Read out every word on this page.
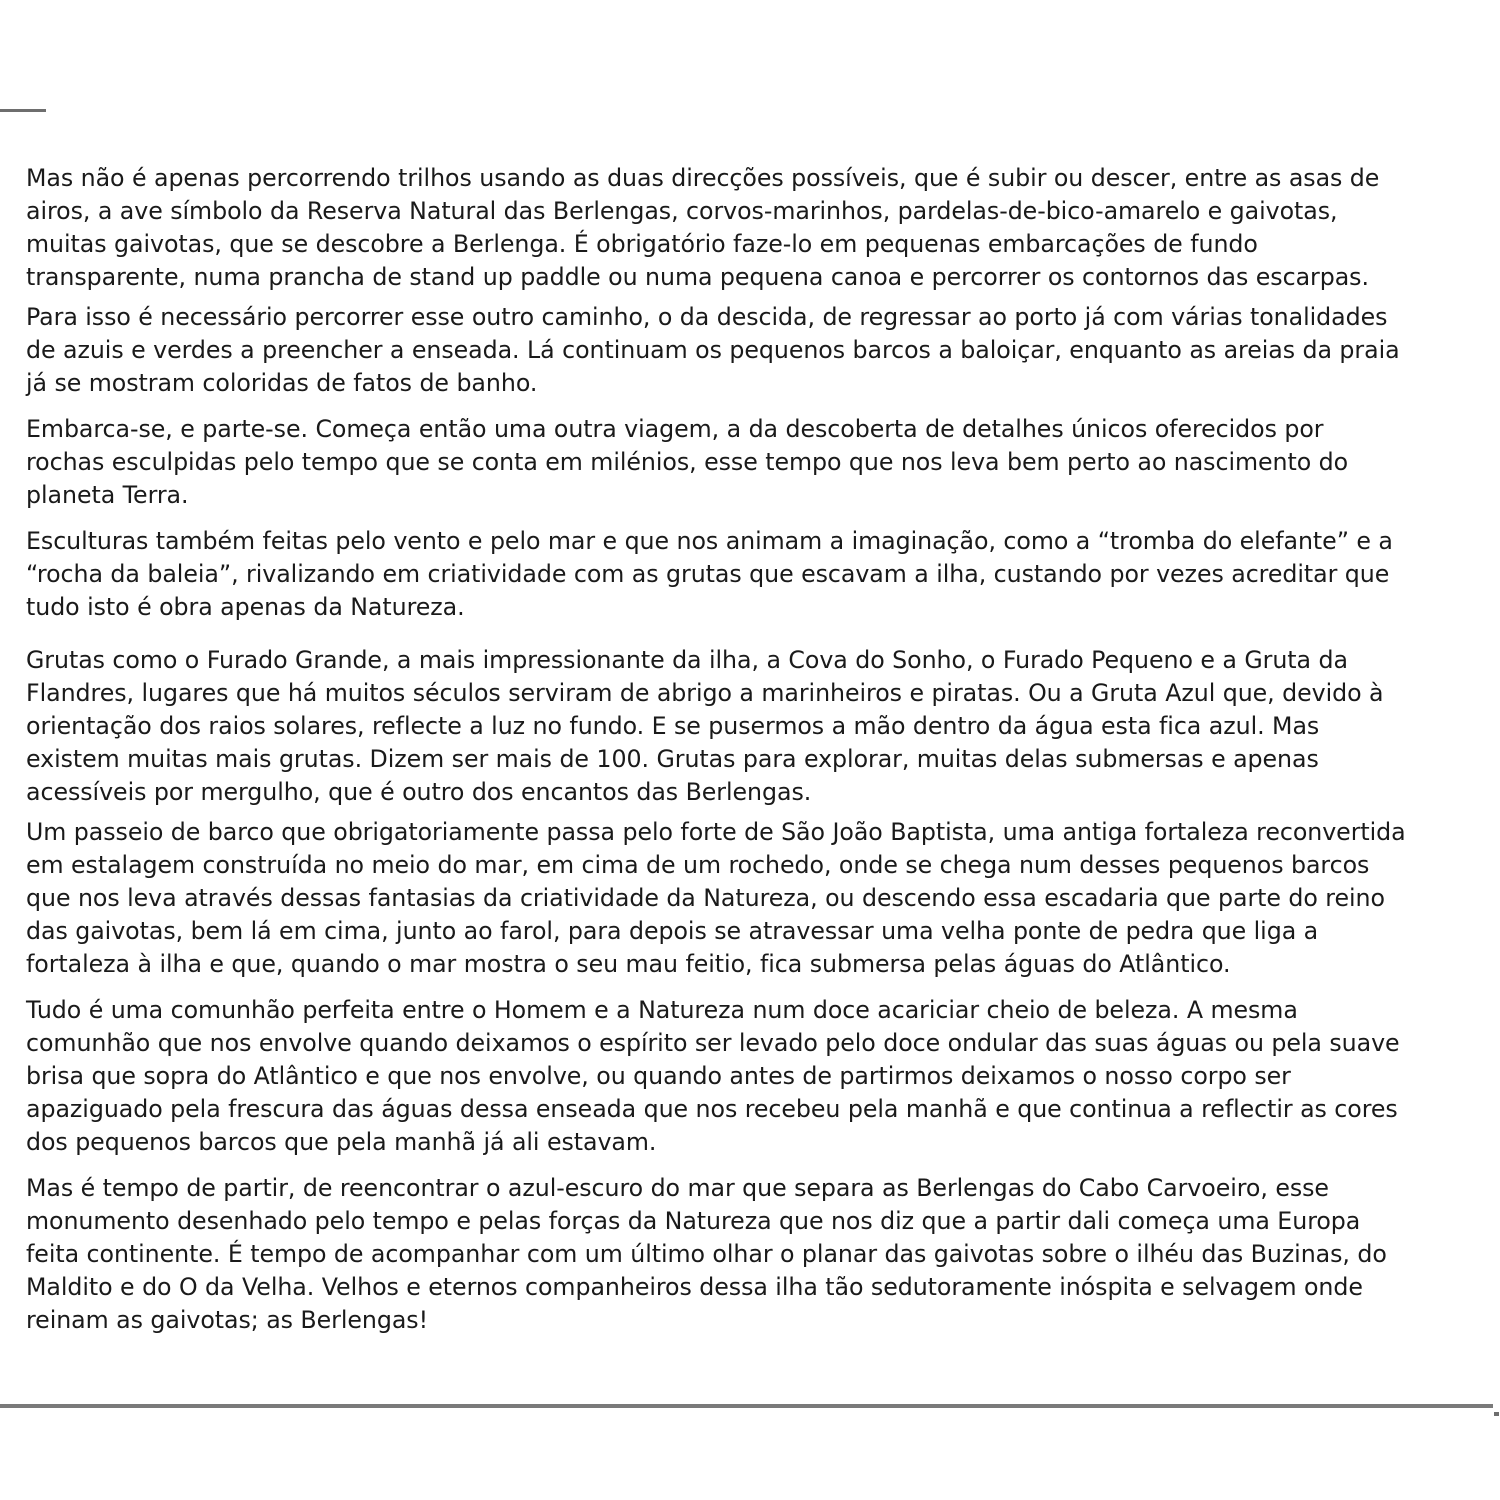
Mas não é apenas percorrendo trilhos usando as duas direcções possíveis, que é subir ou descer, entre as asas de airos, a ave símbolo da Reserva Natural das Berlengas, corvos-marinhos, pardelas-de-bico-amarelo e gaivotas, muitas gaivotas, que se descobre a Berlenga. É obrigatório faze-lo em pequenas embarcações de fundo transparente, numa prancha de stand up paddle ou numa pequena canoa e percorrer os contornos das escarpas.

Para isso é necessário percorrer esse outro caminho, o da descida, de regressar ao porto já com várias tonalidades de azuis e verdes a preencher a enseada. Lá continuam os pequenos barcos a baloiçar, enquanto as areias da praia já se mostram coloridas de fatos de banho.

Embarca-se, e parte-se. Começa então uma outra viagem, a da descoberta de detalhes únicos oferecidos por rochas esculpidas pelo tempo que se conta em milénios, esse tempo que nos leva bem perto ao nascimento do planeta Terra.

Esculturas também feitas pelo vento e pelo mar e que nos animam a imaginação, como a “tromba do elefante” e a “rocha da baleia”, rivalizando em criatividade com as grutas que escavam a ilha, custando por vezes acreditar que tudo isto é obra apenas da Natureza.

Grutas como o Furado Grande, a mais impressionante da ilha, a Cova do Sonho, o Furado Pequeno e a Gruta da Flandres, lugares que há muitos séculos serviram de abrigo a marinheiros e piratas. Ou a Gruta Azul que, devido à orientação dos raios solares, reflecte a luz no fundo. E se pusermos a mão dentro da água esta fica azul. Mas existem muitas mais grutas. Dizem ser mais de 100. Grutas para explorar, muitas delas submersas e apenas acessíveis por mergulho, que é outro dos encantos das Berlengas.

Um passeio de barco que obrigatoriamente passa pelo forte de São João Baptista, uma antiga fortaleza reconvertida em estalagem construída no meio do mar, em cima de um rochedo, onde se chega num desses pequenos barcos que nos leva através dessas fantasias da criatividade da Natureza, ou descendo essa escadaria que parte do reino das gaivotas, bem lá em cima, junto ao farol, para depois se atravessar uma velha ponte de pedra que liga a fortaleza à ilha e que, quando o mar mostra o seu mau feitio, fica submersa pelas águas do Atlântico.

Tudo é uma comunhão perfeita entre o Homem e a Natureza num doce acariciar cheio de beleza. A mesma comunhão que nos envolve quando deixamos o espírito ser levado pelo doce ondular das suas águas ou pela suave brisa que sopra do Atlântico e que nos envolve, ou quando antes de partirmos deixamos o nosso corpo ser apaziguado pela frescura das águas dessa enseada que nos recebeu pela manhã e que continua a reflectir as cores dos pequenos barcos que pela manhã já ali estavam.

Mas é tempo de partir, de reencontrar o azul-escuro do mar que separa as Berlengas do Cabo Carvoeiro, esse monumento desenhado pelo tempo e pelas forças da Natureza que nos diz que a partir dali começa uma Europa feita continente. É tempo de acompanhar com um último olhar o planar das gaivotas sobre o ilhéu das Buzinas, do Maldito e do O da Velha. Velhos e eternos companheiros dessa ilha tão sedutoramente inóspita e selvagem onde reinam as gaivotas; as Berlengas!
